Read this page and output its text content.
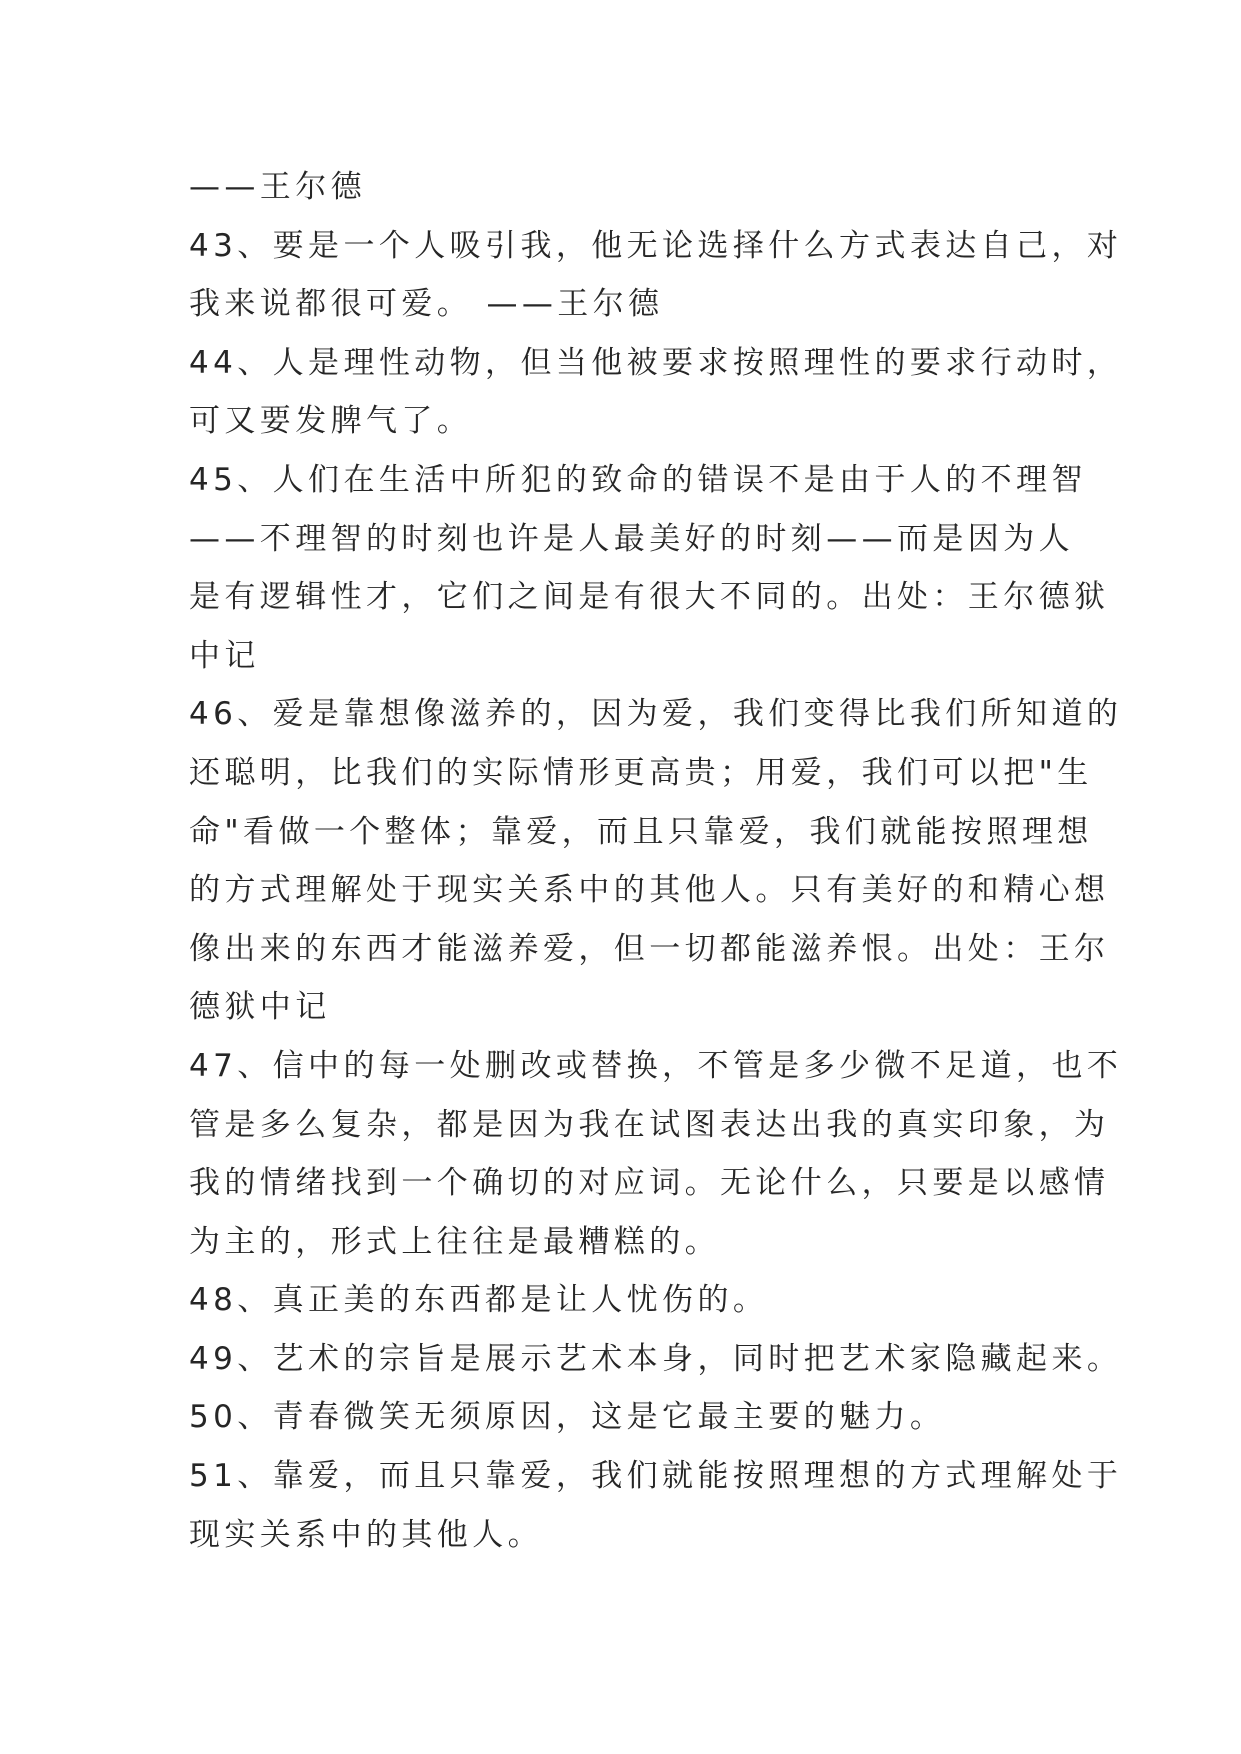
——王尔德
43、要是一个人吸引我，他无论选择什么方式表达自己，对
我来说都很可爱。 ——王尔德
44、人是理性动物，但当他被要求按照理性的要求行动时，
可又要发脾气了。
45、人们在生活中所犯的致命的错误不是由于人的不理智
——不理智的时刻也许是人最美好的时刻——而是因为人
是有逻辑性才，它们之间是有很大不同的。出处：王尔德狱
中记
46、爱是靠想像滋养的，因为爱，我们变得比我们所知道的
还聪明，比我们的实际情形更高贵；用爱，我们可以把"生
命"看做一个整体；靠爱，而且只靠爱，我们就能按照理想
的方式理解处于现实关系中的其他人。只有美好的和精心想
像出来的东西才能滋养爱，但一切都能滋养恨。出处：王尔
德狱中记
47、信中的每一处删改或替换，不管是多少微不足道，也不
管是多么复杂，都是因为我在试图表达出我的真实印象，为
我的情绪找到一个确切的对应词。无论什么，只要是以感情
为主的，形式上往往是最糟糕的。
48、真正美的东西都是让人忧伤的。
49、艺术的宗旨是展示艺术本身，同时把艺术家隐藏起来。
50、青春微笑无须原因，这是它最主要的魅力。
51、靠爱，而且只靠爱，我们就能按照理想的方式理解处于
现实关系中的其他人。
